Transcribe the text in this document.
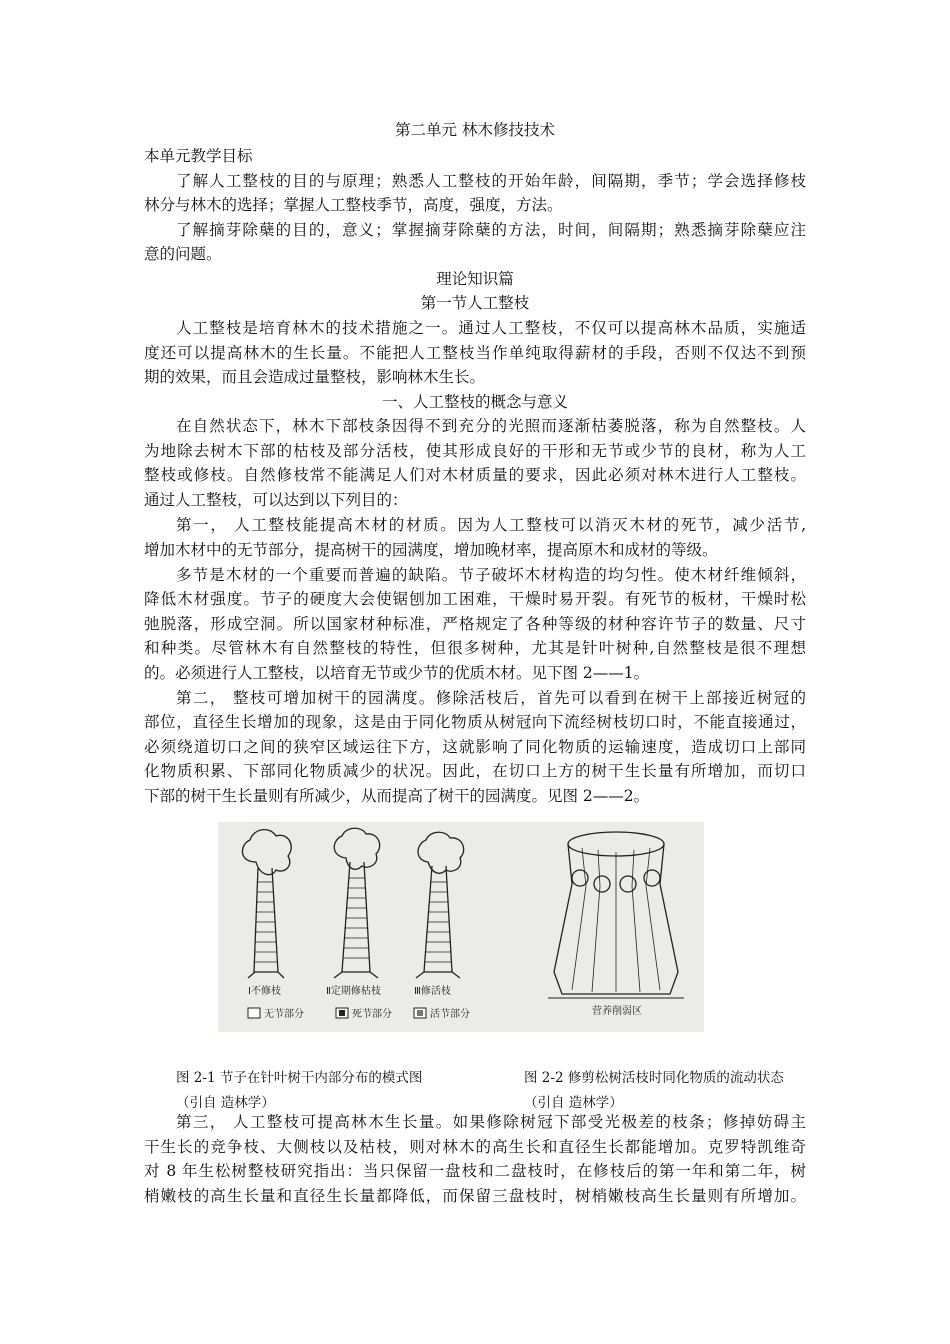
第二单元 林木修技技术
本单元教学目标
了解人工整枝的目的与原理；熟悉人工整枝的开始年龄，间隔期，季节；学会选择修枝
林分与林木的选择；掌握人工整枝季节，高度，强度，方法。
了解摘芽除蘖的目的，意义；掌握摘芽除蘖的方法，时间，间隔期；熟悉摘芽除蘖应注
意的问题。
理论知识篇
第一节人工整枝
人工整枝是培育林木的技术措施之一。通过人工整枝，不仅可以提高林木品质，实施适
度还可以提高林木的生长量。不能把人工整枝当作单纯取得薪材的手段，否则不仅达不到预
期的效果，而且会造成过量整枝，影响林木生长。
一、人工整枝的概念与意义
在自然状态下，林木下部枝条因得不到充分的光照而逐渐枯萎脱落，称为自然整枝。人
为地除去树木下部的枯枝及部分活枝，使其形成良好的干形和无节或少节的良材，称为人工
整枝或修枝。自然修枝常不能满足人们对木材质量的要求，因此必须对林木进行人工整枝。
通过人工整枝，可以达到以下列目的：
第一， 人工整枝能提高木材的材质。因为人工整枝可以消灭木材的死节，减少活节,
增加木材中的无节部分，提高树干的园满度，增加晚材率，提高原木和成材的等级。
多节是木材的一个重要而普遍的缺陷。节子破坏木材构造的均匀性。使木材纤维倾斜，
降低木材强度。节子的硬度大会使锯刨加工困难，干燥时易开裂。有死节的板材，干燥时松
弛脱落，形成空洞。所以国家材种标准，严格规定了各种等级的材种容许节子的数量、尺寸
和种类。尽管林木有自然整枝的特性，但很多树种，尤其是针叶树种,自然整枝是很不理想
的。必须进行人工整枝，以培育无节或少节的优质木材。见下图 2——1。
第二， 整枝可增加树干的园满度。修除活枝后，首先可以看到在树干上部接近树冠的
部位，直径生长增加的现象，这是由于同化物质从树冠向下流经树枝切口时，不能直接通过，
必须绕道切口之间的狭窄区域运往下方，这就影响了同化物质的运输速度，造成切口上部同
化物质积累、下部同化物质减少的状况。因此，在切口上方的树干生长量有所增加，而切口
下部的树干生长量则有所减少，从而提高了树干的园满度。见图 2——2。
Ⅰ不修枝	Ⅱ定期修枯枝	Ⅲ修活枝
无节部分	死节部分	活节部分	营养削弱区
图 2-1 节子在针叶树干内部分布的模式图
（引自 造林学）
图 2-2 修剪松树活枝时同化物质的流动状态
（引自 造林学）
第三， 人工整枝可提高林木生长量。如果修除树冠下部受光极差的枝条；修掉妨碍主
干生长的竞争枝、大侧枝以及枯枝，则对林木的高生长和直径生长都能增加。克罗特凯维奇
对 8 年生松树整枝研究指出：当只保留一盘枝和二盘枝时，在修枝后的第一年和第二年，树
梢嫩枝的高生长量和直径生长量都降低，而保留三盘枝时，树梢嫩枝高生长量则有所增加。
